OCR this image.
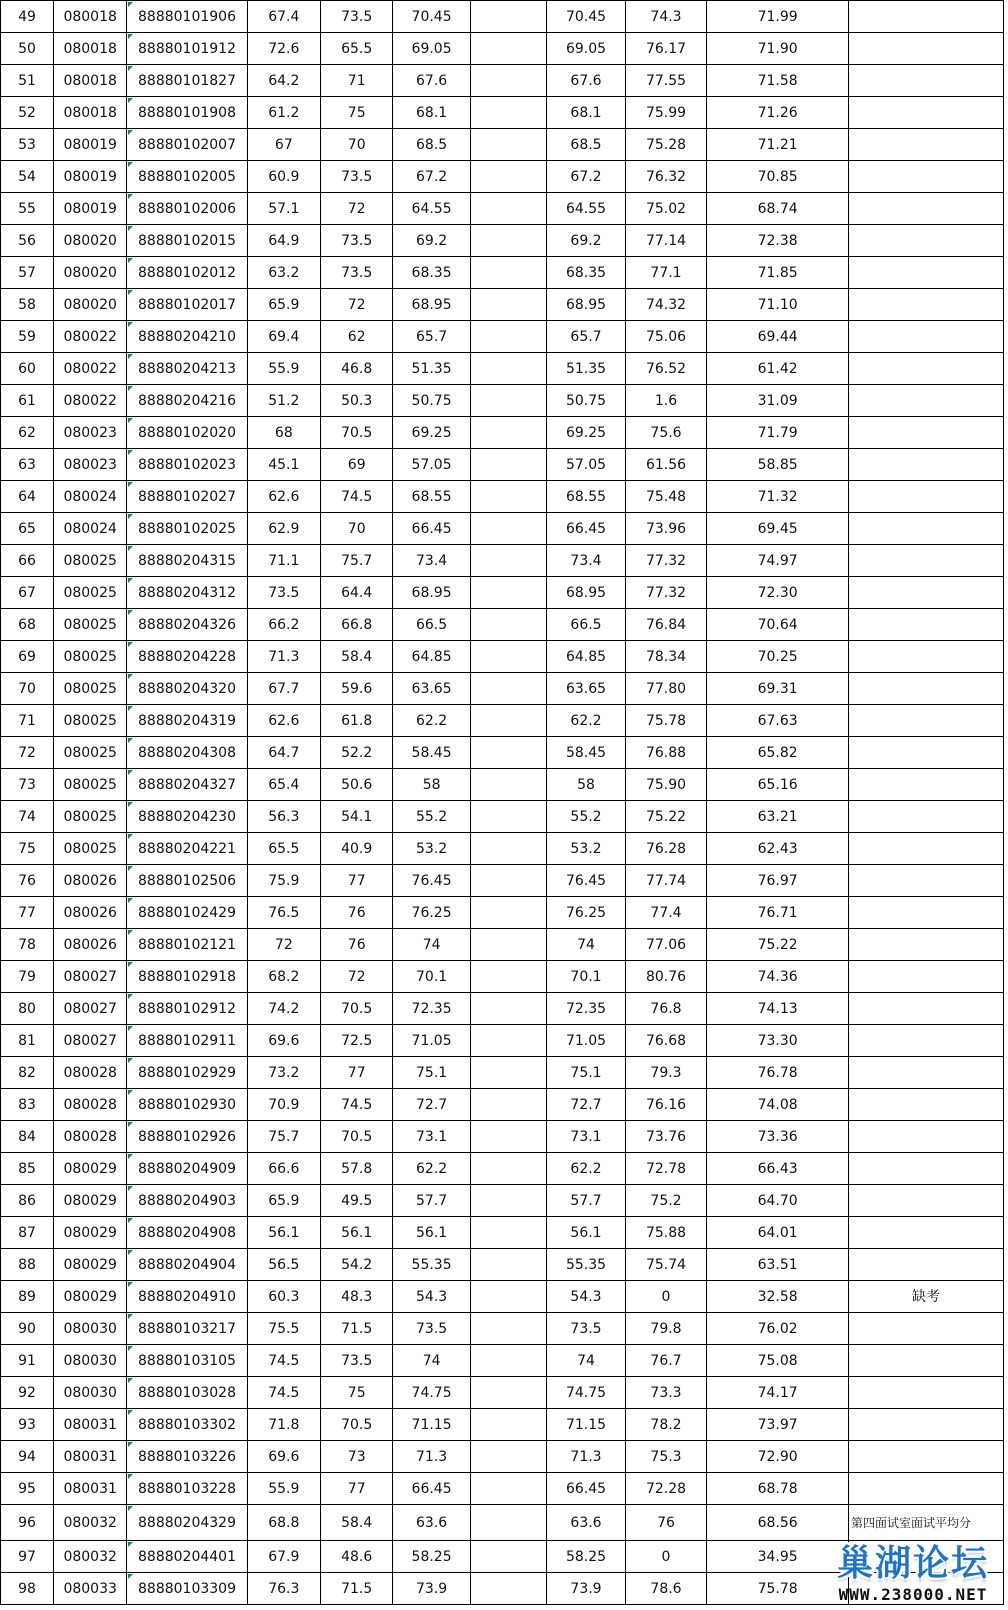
49	080018	88880101906	67.4	73.5	70.45		70.45	74.3	71.99	
50	080018	88880101912	72.6	65.5	69.05		69.05	76.17	71.90	
51	080018	88880101827	64.2	71	67.6		67.6	77.55	71.58	
52	080018	88880101908	61.2	75	68.1		68.1	75.99	71.26	
53	080019	88880102007	67	70	68.5		68.5	75.28	71.21	
54	080019	88880102005	60.9	73.5	67.2		67.2	76.32	70.85	
55	080019	88880102006	57.1	72	64.55		64.55	75.02	68.74	
56	080020	88880102015	64.9	73.5	69.2		69.2	77.14	72.38	
57	080020	88880102012	63.2	73.5	68.35		68.35	77.1	71.85	
58	080020	88880102017	65.9	72	68.95		68.95	74.32	71.10	
59	080022	88880204210	69.4	62	65.7		65.7	75.06	69.44	
60	080022	88880204213	55.9	46.8	51.35		51.35	76.52	61.42	
61	080022	88880204216	51.2	50.3	50.75		50.75	1.6	31.09	
62	080023	88880102020	68	70.5	69.25		69.25	75.6	71.79	
63	080023	88880102023	45.1	69	57.05		57.05	61.56	58.85	
64	080024	88880102027	62.6	74.5	68.55		68.55	75.48	71.32	
65	080024	88880102025	62.9	70	66.45		66.45	73.96	69.45	
66	080025	88880204315	71.1	75.7	73.4		73.4	77.32	74.97	
67	080025	88880204312	73.5	64.4	68.95		68.95	77.32	72.30	
68	080025	88880204326	66.2	66.8	66.5		66.5	76.84	70.64	
69	080025	88880204228	71.3	58.4	64.85		64.85	78.34	70.25	
70	080025	88880204320	67.7	59.6	63.65		63.65	77.80	69.31	
71	080025	88880204319	62.6	61.8	62.2		62.2	75.78	67.63	
72	080025	88880204308	64.7	52.2	58.45		58.45	76.88	65.82	
73	080025	88880204327	65.4	50.6	58		58	75.90	65.16	
74	080025	88880204230	56.3	54.1	55.2		55.2	75.22	63.21	
75	080025	88880204221	65.5	40.9	53.2		53.2	76.28	62.43	
76	080026	88880102506	75.9	77	76.45		76.45	77.74	76.97	
77	080026	88880102429	76.5	76	76.25		76.25	77.4	76.71	
78	080026	88880102121	72	76	74		74	77.06	75.22	
79	080027	88880102918	68.2	72	70.1		70.1	80.76	74.36	
80	080027	88880102912	74.2	70.5	72.35		72.35	76.8	74.13	
81	080027	88880102911	69.6	72.5	71.05		71.05	76.68	73.30	
82	080028	88880102929	73.2	77	75.1		75.1	79.3	76.78	
83	080028	88880102930	70.9	74.5	72.7		72.7	76.16	74.08	
84	080028	88880102926	75.7	70.5	73.1		73.1	73.76	73.36	
85	080029	88880204909	66.6	57.8	62.2		62.2	72.78	66.43	
86	080029	88880204903	65.9	49.5	57.7		57.7	75.2	64.70	
87	080029	88880204908	56.1	56.1	56.1		56.1	75.88	64.01	
88	080029	88880204904	56.5	54.2	55.35		55.35	75.74	63.51	
89	080029	88880204910	60.3	48.3	54.3		54.3	0	32.58	缺考
90	080030	88880103217	75.5	71.5	73.5		73.5	79.8	76.02	
91	080030	88880103105	74.5	73.5	74		74	76.7	75.08	
92	080030	88880103028	74.5	75	74.75		74.75	73.3	74.17	
93	080031	88880103302	71.8	70.5	71.15		71.15	78.2	73.97	
94	080031	88880103226	69.6	73	71.3		71.3	75.3	72.90	
95	080031	88880103228	55.9	77	66.45		66.45	72.28	68.78	
96	080032	88880204329	68.8	58.4	63.6		63.6	76	68.56	第四面试室面试平均分

97	080032	88880204401	67.9	48.6	58.25		58.25	0	34.95	
98	080033	88880103309	76.3	71.5	73.9		73.9	78.6	75.78	
巢湖论坛
WWW.238000.NET
